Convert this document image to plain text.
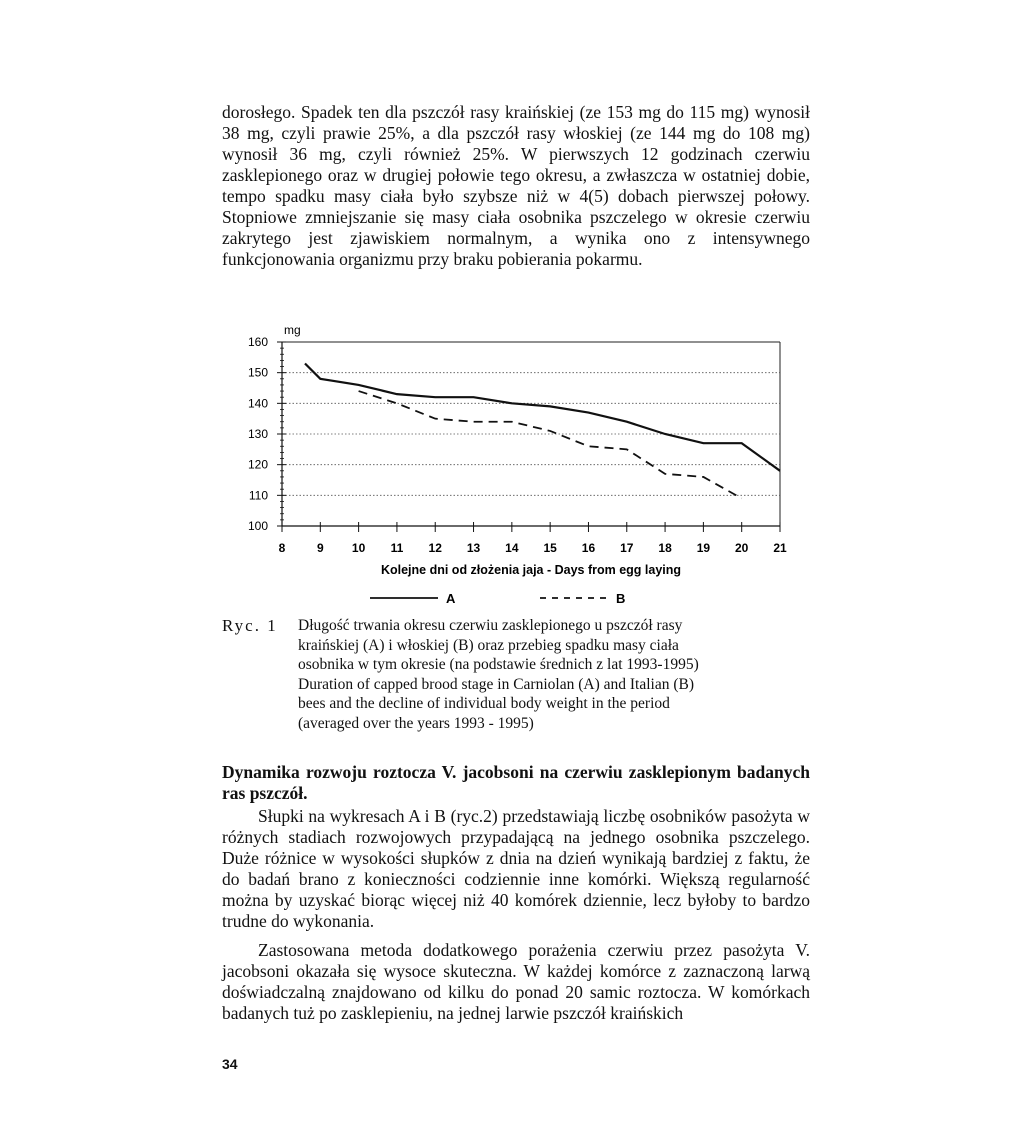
dorosłego. Spadek ten dla pszczół rasy kraińskiej (ze 153 mg do 115 mg) wynosił 38 mg, czyli prawie 25%, a dla pszczół rasy włoskiej (ze 144 mg do 108 mg) wynosił 36 mg, czyli również 25%. W pierwszych 12 godzinach czerwiu zasklepionego oraz w drugiej połowie tego okresu, a zwłaszcza w ostatniej dobie, tempo spadku masy ciała było szybsze niż w 4(5) dobach pierwszej połowy. Stopniowe zmniejszanie się masy ciała osobnika pszczelego w okresie czerwiu zakrytego jest zjawiskiem normalnym, a wynika ono z intensywnego funkcjonowania organizmu przy braku pobierania pokarmu.

100
110
120
130
140
150
160
8	9 10 11 12 13 14 15 16 17 18 19 20 21
mg
Kolejne dni od złożenia jaja - Days from egg laying
A	B
Ryc. 1 Długość trwania okresu czerwiu zasklepionego u pszczół rasy
kraińskiej (A) i włoskiej (B) oraz przebieg spadku masy ciała
osobnika w tym okresie (na podstawie średnich z lat 1993-1995)
Duration of capped brood stage in Carniolan (A) and Italian (B)
bees and the decline of individual body weight in the period
(averaged over the years 1993 - 1995)

Dynamika rozwoju roztocza V. jacobsoni na czerwiu zasklepionym badanych ras pszczół.

Słupki na wykresach A i B (ryc.2) przedstawiają liczbę osobników pasożyta w różnych stadiach rozwojowych przypadającą na jednego osobnika pszczelego. Duże różnice w wysokości słupków z dnia na dzień wynikają bardziej z faktu, że do badań brano z konieczności codziennie inne komórki. Większą regularność można by uzyskać biorąc więcej niż 40 komórek dziennie, lecz byłoby to bardzo trudne do wykonania.

Zastosowana metoda dodatkowego porażenia czerwiu przez pasożyta V. jacobsoni okazała się wysoce skuteczna. W każdej komórce z zaznaczoną larwą doświadczalną znajdowano od kilku do ponad 20 samic roztocza. W komórkach badanych tuż po zasklepieniu, na jednej larwie pszczół kraińskich

34
